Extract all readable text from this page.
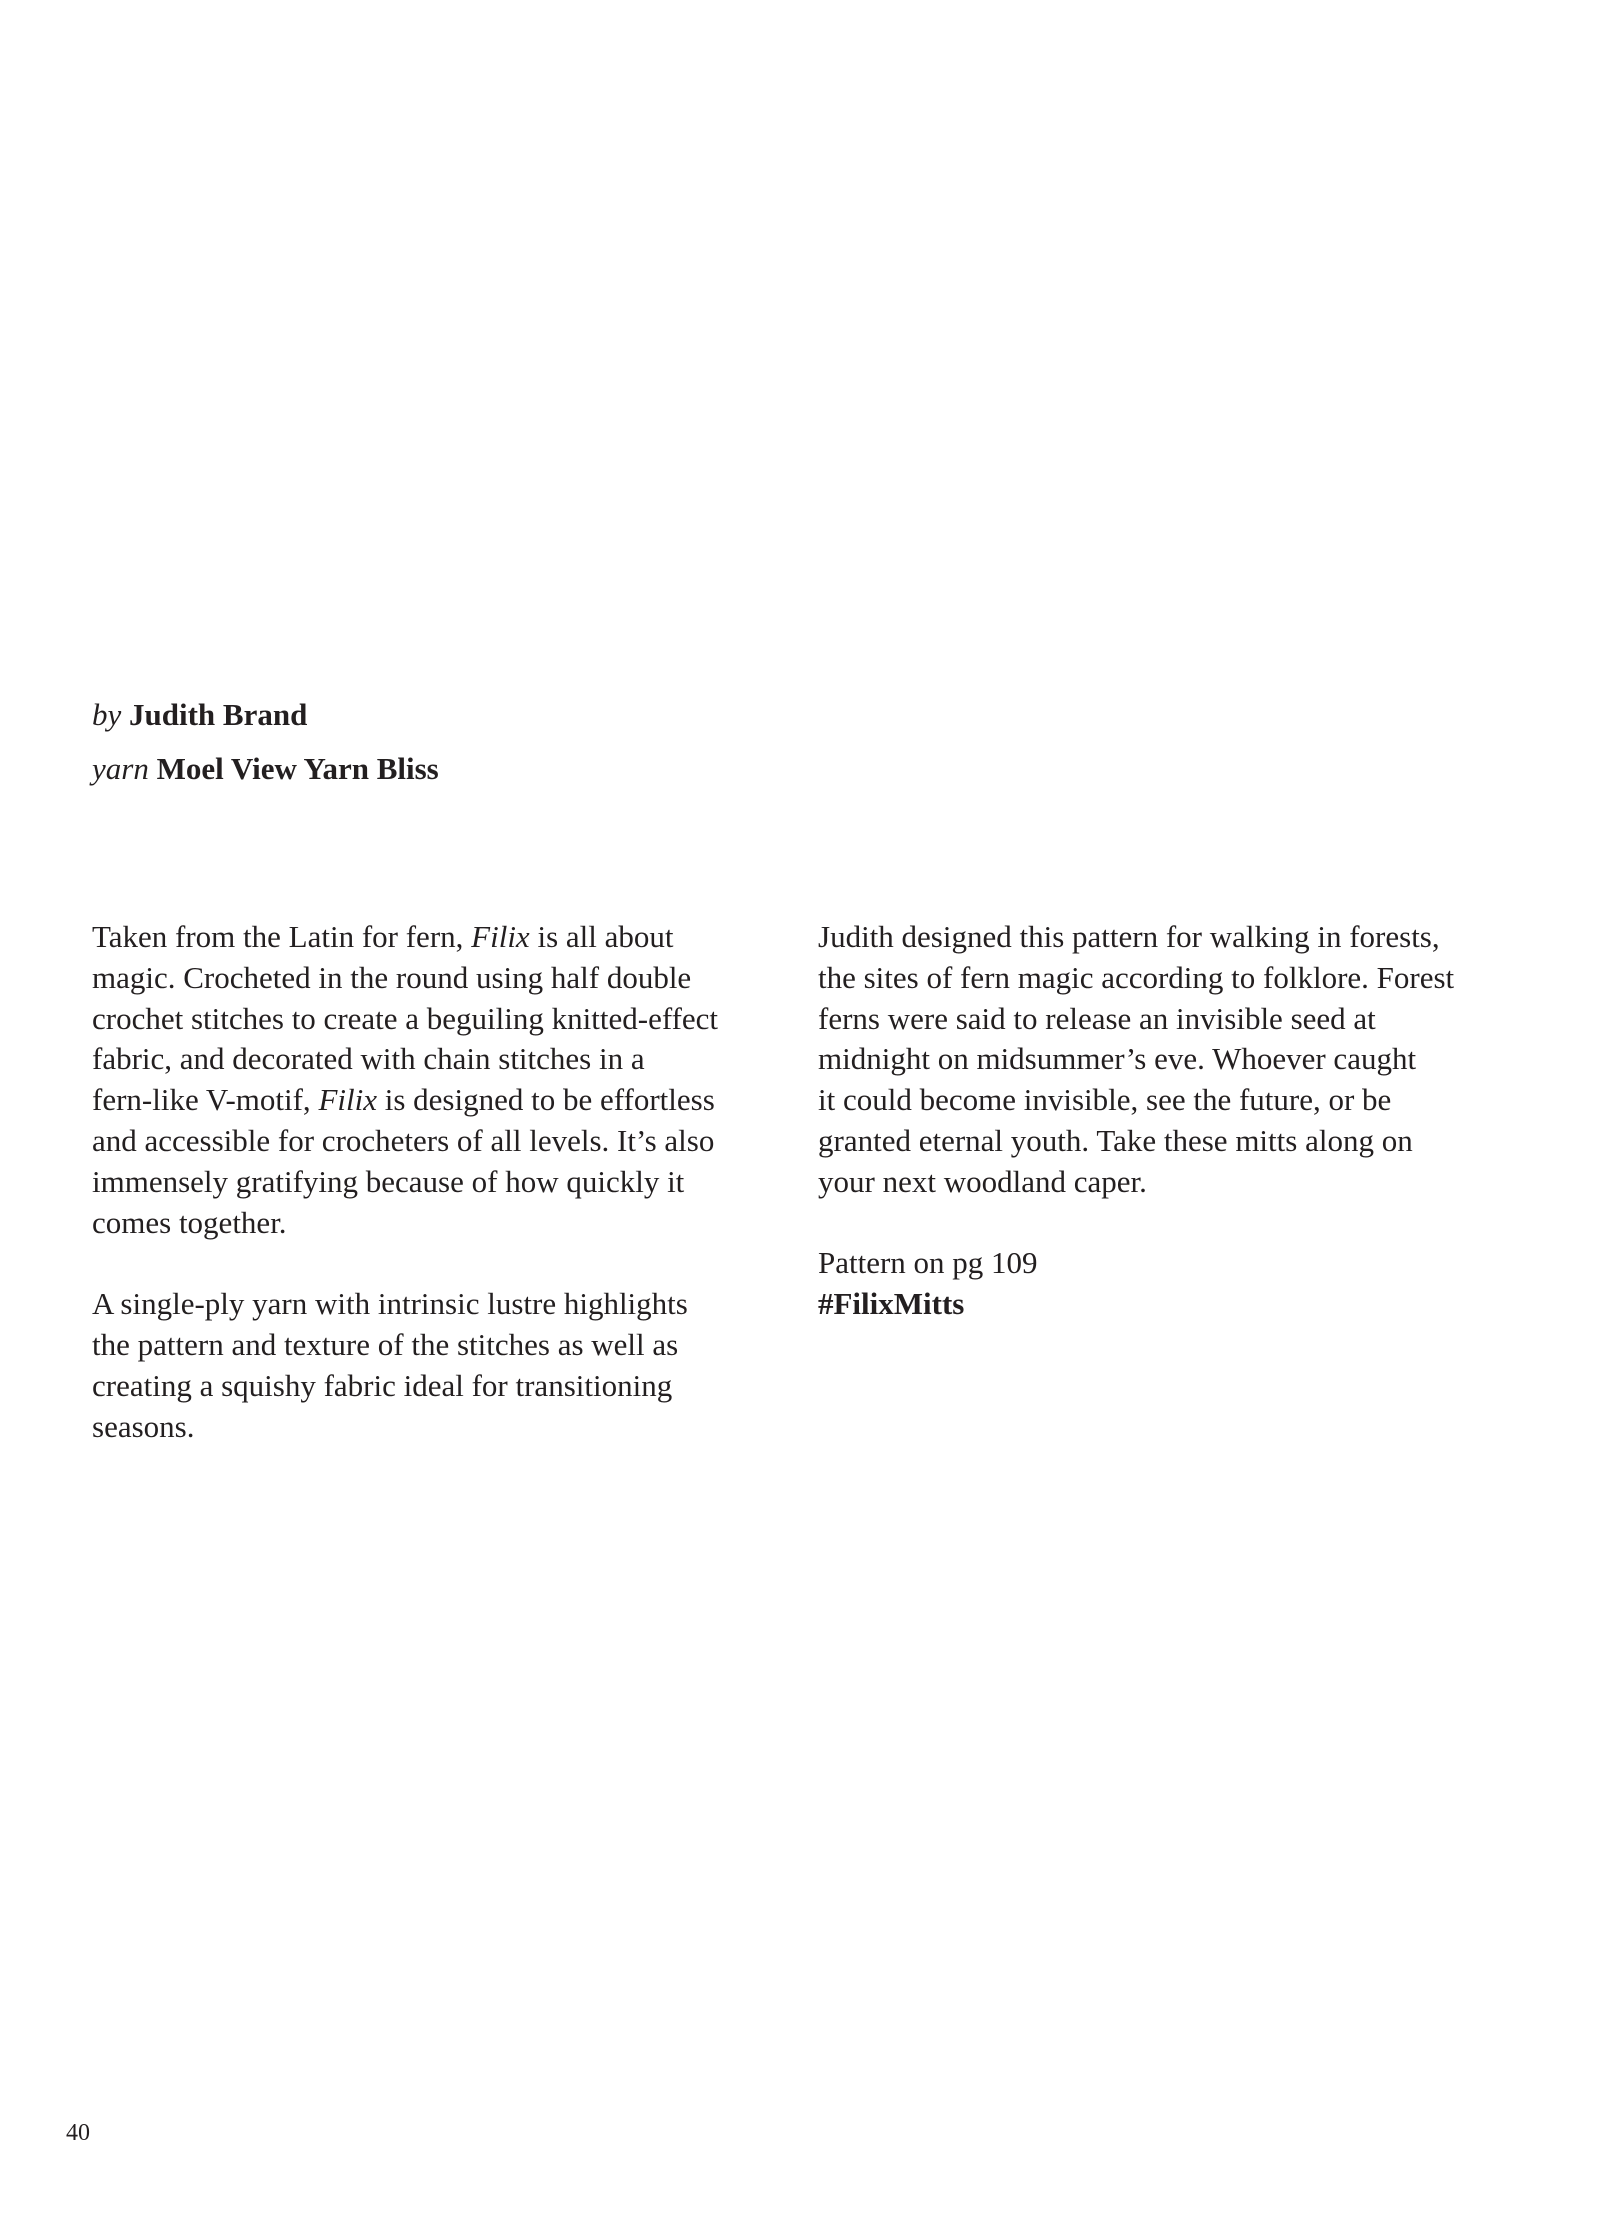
by Judith Brand
yarn Moel View Yarn Bliss

Taken from the Latin for fern, Filix is all about
magic. Crocheted in the round using half double
crochet stitches to create a beguiling knitted-effect
fabric, and decorated with chain stitches in a
fern-like V-motif, Filix is designed to be effortless
and accessible for crocheters of all levels. It’s also
immensely gratifying because of how quickly it
comes together.

A single-ply yarn with intrinsic lustre highlights
the pattern and texture of the stitches as well as
creating a squishy fabric ideal for transitioning
seasons.

Judith designed this pattern for walking in forests,
the sites of fern magic according to folklore. Forest
ferns were said to release an invisible seed at
midnight on midsummer’s eve. Whoever caught
it could become invisible, see the future, or be
granted eternal youth. Take these mitts along on
your next woodland caper.

Pattern on pg 109
#FilixMitts

40
